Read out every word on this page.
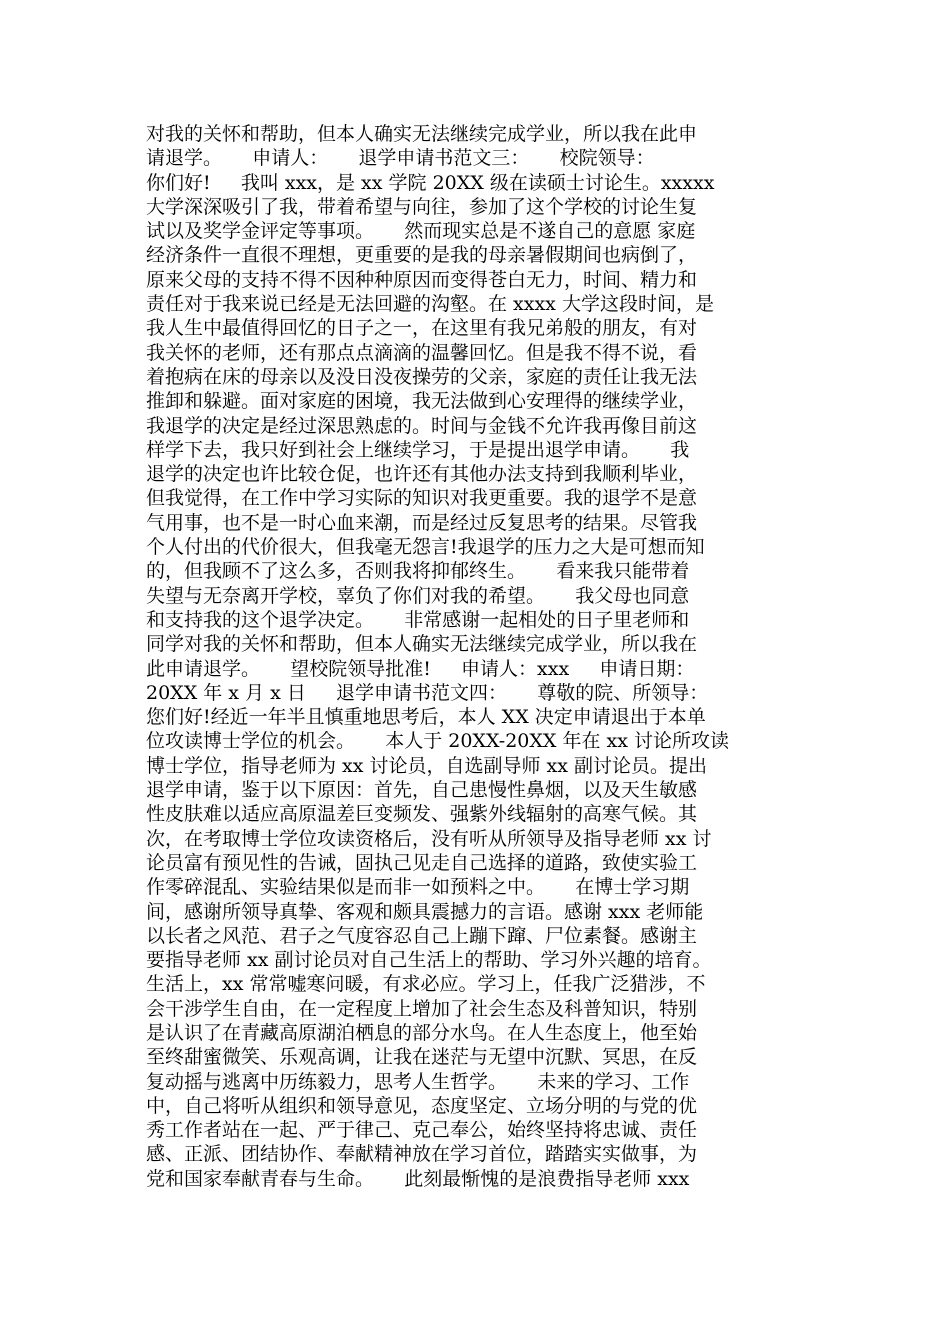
对我的关怀和帮助，但本人确实无法继续完成学业，所以我在此申
请退学。     申请人：     退学申请书范文三：     校院领导：
你们好!     我叫 xxx，是 xx 学院 20XX 级在读硕士讨论生。xxxxx
大学深深吸引了我，带着希望与向往，参加了这个学校的讨论生复
试以及奖学金评定等事项。     然而现实总是不遂自己的意愿 家庭
经济条件一直很不理想，更重要的是我的母亲暑假期间也病倒了，
原来父母的支持不得不因种种原因而变得苍白无力，时间、精力和
责任对于我来说已经是无法回避的沟壑。在 xxxx 大学这段时间，是
我人生中最值得回忆的日子之一，在这里有我兄弟般的朋友，有对
我关怀的老师，还有那点点滴滴的温馨回忆。但是我不得不说，看
着抱病在床的母亲以及没日没夜操劳的父亲，家庭的责任让我无法
推卸和躲避。面对家庭的困境，我无法做到心安理得的继续学业，
我退学的决定是经过深思熟虑的。时间与金钱不允许我再像目前这
样学下去，我只好到社会上继续学习，于是提出退学申请。     我
退学的决定也许比较仓促，也许还有其他办法支持到我顺利毕业，
但我觉得，在工作中学习实际的知识对我更重要。我的退学不是意
气用事，也不是一时心血来潮，而是经过反复思考的结果。尽管我
个人付出的代价很大，但我毫无怨言!我退学的压力之大是可想而知
的，但我顾不了这么多，否则我将抑郁终生。     看来我只能带着
失望与无奈离开学校，辜负了你们对我的希望。     我父母也同意
和支持我的这个退学决定。     非常感谢一起相处的日子里老师和
同学对我的关怀和帮助，但本人确实无法继续完成学业，所以我在
此申请退学。     望校院领导批准!     申请人：xxx     申请日期：
20XX 年 x 月 x 日     退学申请书范文四：     尊敬的院、所领导：
您们好!经近一年半且慎重地思考后，本人 XX 决定申请退出于本单
位攻读博士学位的机会。     本人于 20XX-20XX 年在 xx 讨论所攻读
博士学位，指导老师为 xx 讨论员，自选副导师 xx 副讨论员。提出
退学申请，鉴于以下原因：首先，自己患慢性鼻烟，以及天生敏感
性皮肤难以适应高原温差巨变频发、强紫外线辐射的高寒气候。其
次，在考取博士学位攻读资格后，没有听从所领导及指导老师 xx 讨
论员富有预见性的告诫，固执己见走自己选择的道路，致使实验工
作零碎混乱、实验结果似是而非一如预料之中。     在博士学习期
间，感谢所领导真挚、客观和颇具震撼力的言语。感谢 xxx 老师能
以长者之风范、君子之气度容忍自己上蹦下蹿、尸位素餐。感谢主
要指导老师 xx 副讨论员对自己生活上的帮助、学习外兴趣的培育。
生活上，xx 常常嘘寒问暖，有求必应。学习上，任我广泛猎涉，不
会干涉学生自由，在一定程度上增加了社会生态及科普知识，特别
是认识了在青藏高原湖泊栖息的部分水鸟。在人生态度上，他至始
至终甜蜜微笑、乐观高调，让我在迷茫与无望中沉默、冥思，在反
复动摇与逃离中历练毅力，思考人生哲学。     未来的学习、工作
中，自己将听从组织和领导意见，态度坚定、立场分明的与党的优
秀工作者站在一起、严于律己、克己奉公，始终坚持将忠诚、责任
感、正派、团结协作、奉献精神放在学习首位，踏踏实实做事，为
党和国家奉献青春与生命。     此刻最惭愧的是浪费指导老师 xxx
